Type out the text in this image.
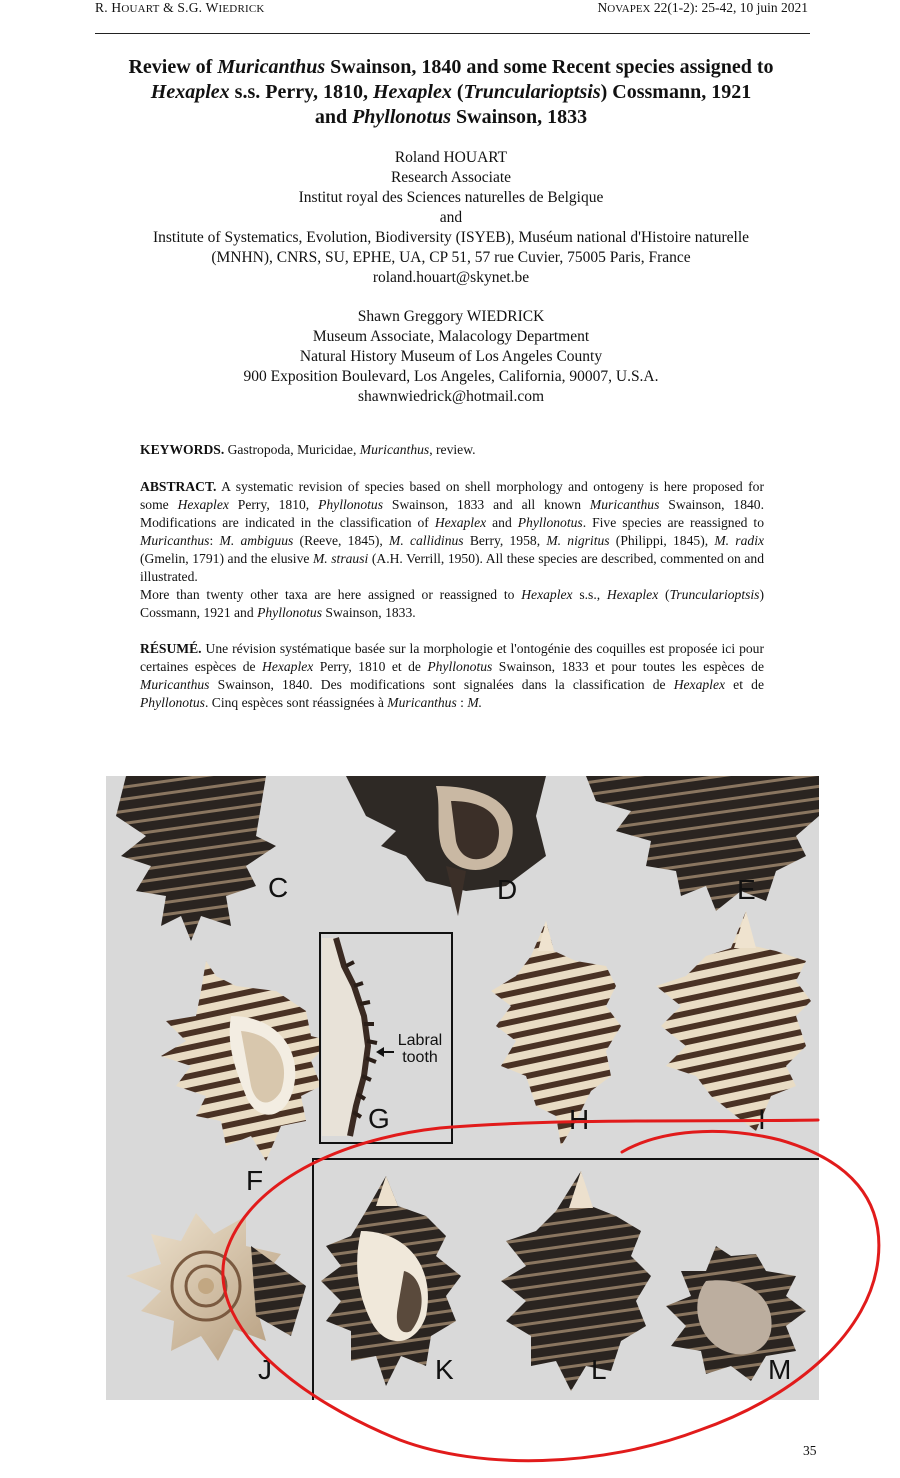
R. HOUART & S.G. WIEDRICK	NOVAPEX 22(1-2): 25-42, 10 juin 2021
Review of Muricanthus Swainson, 1840 and some Recent species assigned to
Hexaplex s.s. Perry, 1810, Hexaplex (Truncularioptsis) Cossmann, 1921
and Phyllonotus Swainson, 1833
Roland HOUART
Research Associate
Institut royal des Sciences naturelles de Belgique
and
Institute of Systematics, Evolution, Biodiversity (ISYEB), Muséum national d'Histoire naturelle
(MNHN), CNRS, SU, EPHE, UA, CP 51, 57 rue Cuvier, 75005 Paris, France
roland.houart@skynet.be
Shawn Greggory WIEDRICK
Museum Associate, Malacology Department
Natural History Museum of Los Angeles County
900 Exposition Boulevard, Los Angeles, California, 90007, U.S.A.
shawnwiedrick@hotmail.com
KEYWORDS. Gastropoda, Muricidae, Muricanthus, review.
ABSTRACT. A systematic revision of species based on shell morphology and ontogeny is here proposed for some Hexaplex Perry, 1810, Phyllonotus Swainson, 1833 and all known Muricanthus Swainson, 1840. Modifications are indicated in the classification of Hexaplex and Phyllonotus. Five species are reassigned to Muricanthus: M. ambiguus (Reeve, 1845), M. callidinus Berry, 1958, M. nigritus (Philippi, 1845), M. radix (Gmelin, 1791) and the elusive M. strausi (A.H. Verrill, 1950). All these species are described, commented on and illustrated.
More than twenty other taxa are here assigned or reassigned to Hexaplex s.s., Hexaplex (Truncularioptsis) Cossmann, 1921 and Phyllonotus Swainson, 1833.
RÉSUMÉ. Une révision systématique basée sur la morphologie et l'ontogénie des coquilles est proposée ici pour certaines espèces de Hexaplex Perry, 1810 et de Phyllonotus Swainson, 1833 et pour toutes les espèces de Muricanthus Swainson, 1840. Des modifications sont signalées dans la classification de Hexaplex et de Phyllonotus. Cinq espèces sont réassignées à Muricanthus : M.
C	D	E
F
G	H	I
J	K	L	M
Labral
tooth
35
